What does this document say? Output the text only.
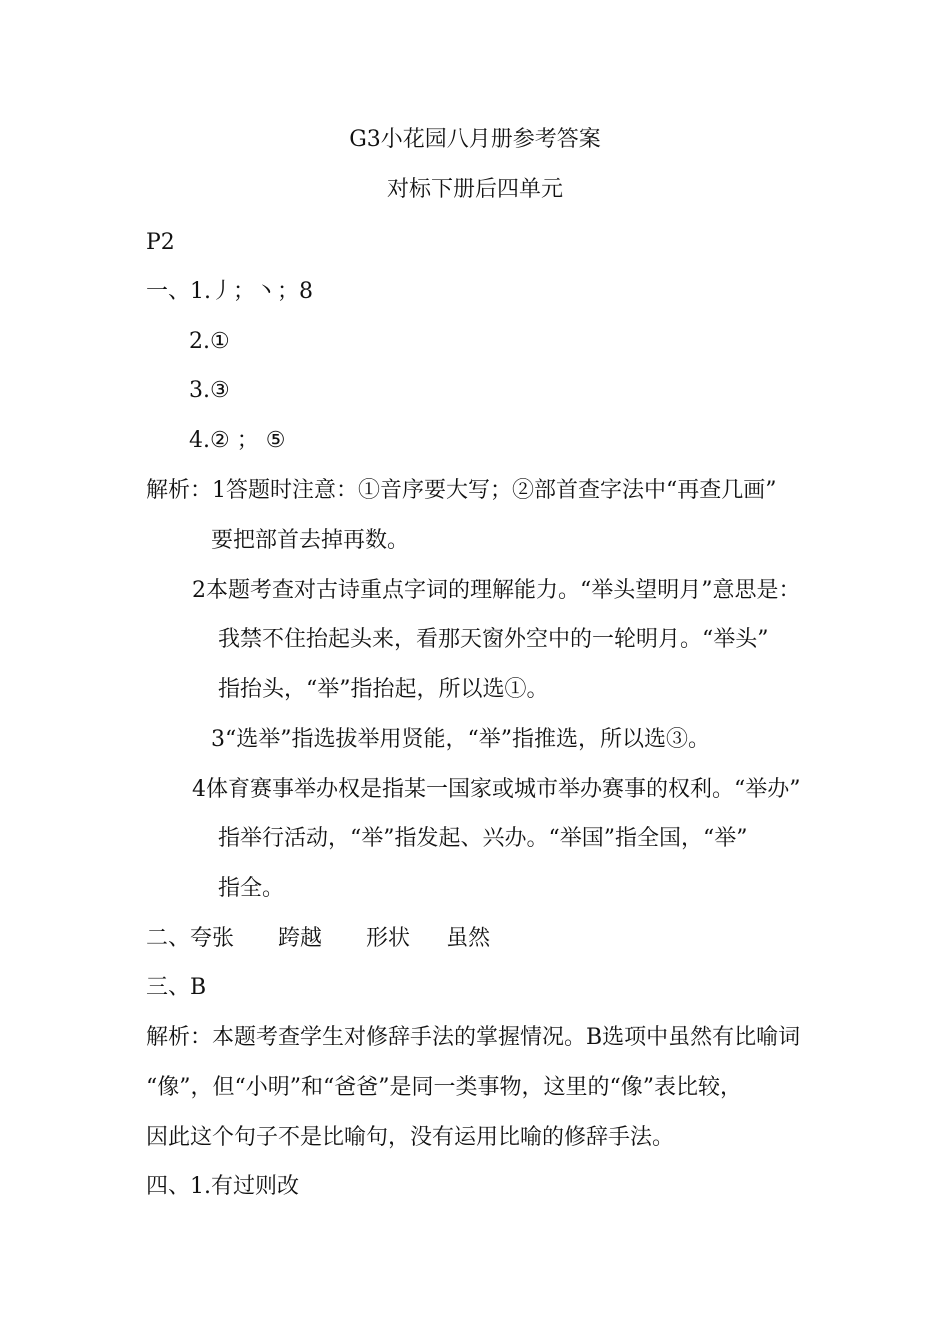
G3小花园八月册参考答案
对标下册后四单元
P2
一、1.丿；丶；8
2.①
3.③
4.② ； ⑤
解析：1答题时注意：①音序要大写；②部首查字法中“再查几画”
要把部首去掉再数。
2本题考查对古诗重点字词的理解能力。“举头望明月”意思是：
我禁不住抬起头来，看那天窗外空中的一轮明月。“举头”
指抬头，“举”指抬起，所以选①。
3“选举”指选拔举用贤能，“举”指推选，所以选③。
4体育赛事举办权是指某一国家或城市举办赛事的权利。“举办”
指举行活动，“举”指发起、兴办。“举国”指全国，“举”
指全。
二、夸张 跨越 形状 虽然
三、B
解析：本题考查学生对修辞手法的掌握情况。B选项中虽然有比喻词
“像”，但“小明”和“爸爸”是同一类事物，这里的“像”表比较，
因此这个句子不是比喻句，没有运用比喻的修辞手法。
四、1.有过则改
